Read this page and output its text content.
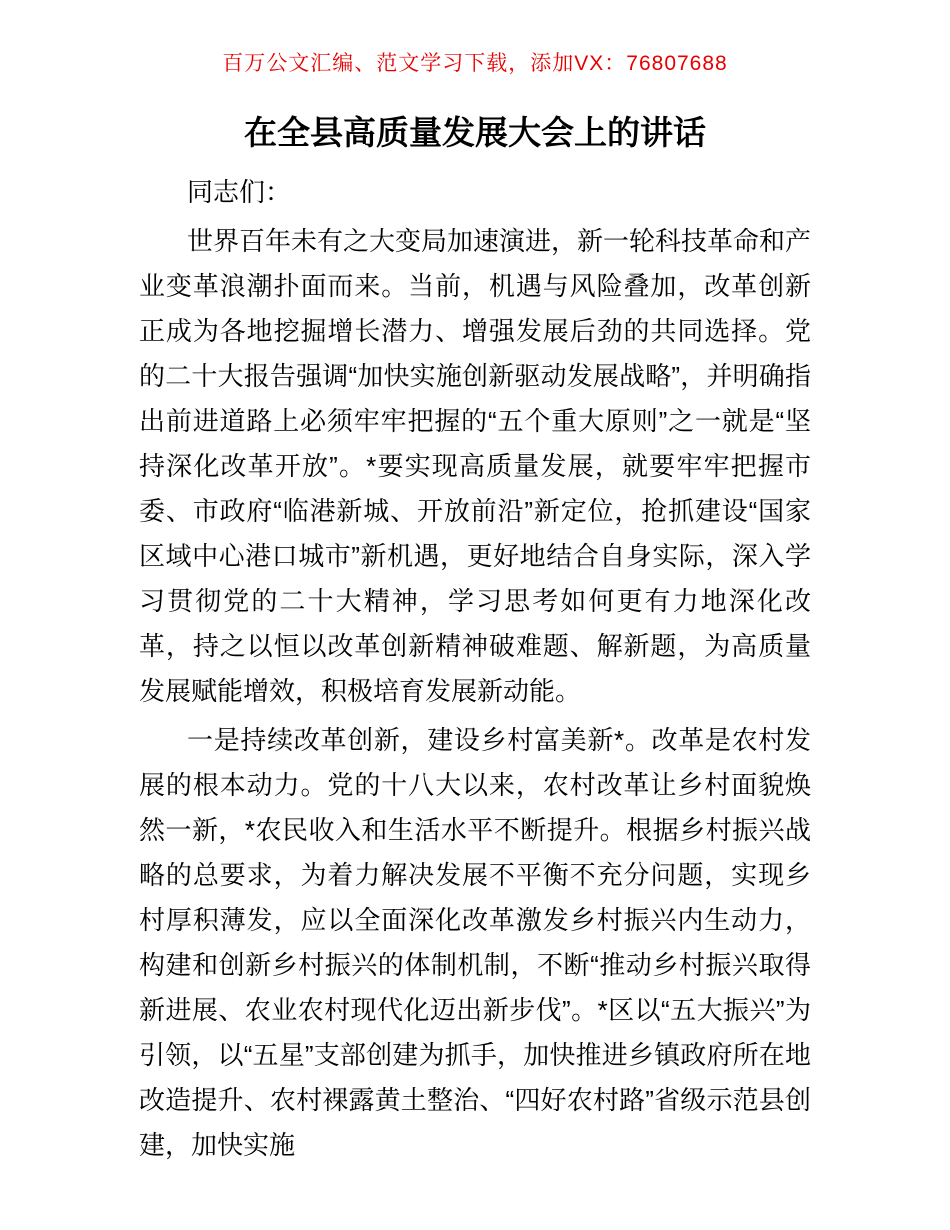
百万公文汇编、范文学习下载，添加VX：76807688
在全县高质量发展大会上的讲话

同志们：

世界百年未有之大变局加速演进，新一轮科技革命和产业变革浪潮扑面而来。当前，机遇与风险叠加，改革创新正成为各地挖掘增长潜力、增强发展后劲的共同选择。党的二十大报告强调“加快实施创新驱动发展战略”，并明确指出前进道路上必须牢牢把握的“五个重大原则”之一就是“坚持深化改革开放”。*要实现高质量发展，就要牢牢把握市委、市政府“临港新城、开放前沿”新定位，抢抓建设“国家区域中心港口城市”新机遇，更好地结合自身实际，深入学习贯彻党的二十大精神，学习思考如何更有力地深化改革，持之以恒以改革创新精神破难题、解新题，为高质量发展赋能增效，积极培育发展新动能。

一是持续改革创新，建设乡村富美新*。改革是农村发展的根本动力。党的十八大以来，农村改革让乡村面貌焕然一新，*农民收入和生活水平不断提升。根据乡村振兴战略的总要求，为着力解决发展不平衡不充分问题，实现乡村厚积薄发，应以全面深化改革激发乡村振兴内生动力，构建和创新乡村振兴的体制机制，不断“推动乡村振兴取得新进展、农业农村现代化迈出新步伐”。*区以“五大振兴”为引领，以“五星”支部创建为抓手，加快推进乡镇政府所在地改造提升、农村裸露黄土整治、“四好农村路”省级示范县创建，加快实施
